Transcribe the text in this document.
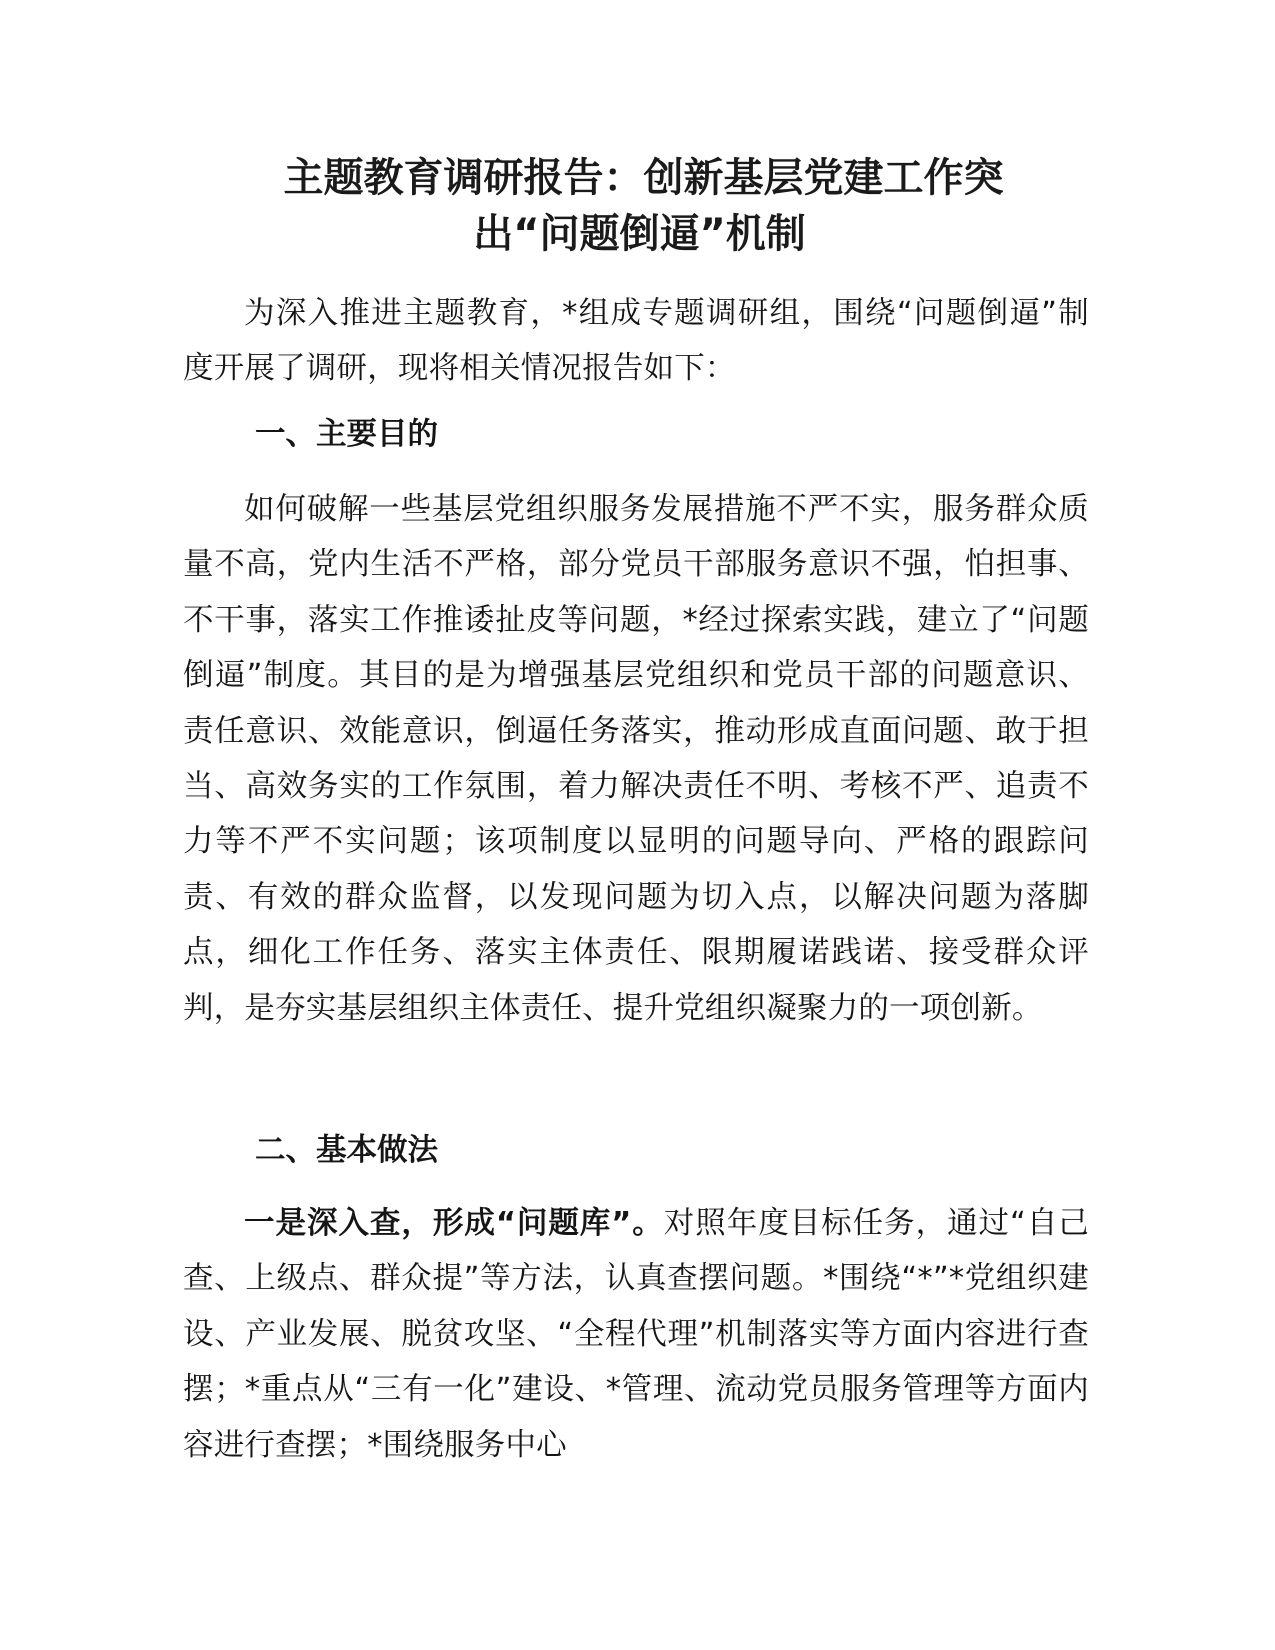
主题教育调研报告：创新基层党建工作突
出“问题倒逼”机制
为深入推进主题教育，*组成专题调研组，围绕“问题倒逼”制度开展了调研，现将相关情况报告如下：
一、主要目的
如何破解一些基层党组织服务发展措施不严不实，服务群众质量不高，党内生活不严格，部分党员干部服务意识不强，怕担事、不干事，落实工作推诿扯皮等问题，*经过探索实践，建立了“问题倒逼”制度。其目的是为增强基层党组织和党员干部的问题意识、责任意识、效能意识，倒逼任务落实，推动形成直面问题、敢于担当、高效务实的工作氛围，着力解决责任不明、考核不严、追责不力等不严不实问题；该项制度以显明的问题导向、严格的跟踪问责、有效的群众监督，以发现问题为切入点，以解决问题为落脚点，细化工作任务、落实主体责任、限期履诺践诺、接受群众评判，是夯实基层组织主体责任、提升党组织凝聚力的一项创新。
二、基本做法
一是深入查，形成“问题库”。对照年度目标任务，通过“自己查、上级点、群众提”等方法，认真查摆问题。*围绕“*”*党组织建设、产业发展、脱贫攻坚、“全程代理”机制落实等方面内容进行查摆；*重点从“三有一化”建设、*管理、流动党员服务管理等方面内容进行查摆；*围绕服务中心
